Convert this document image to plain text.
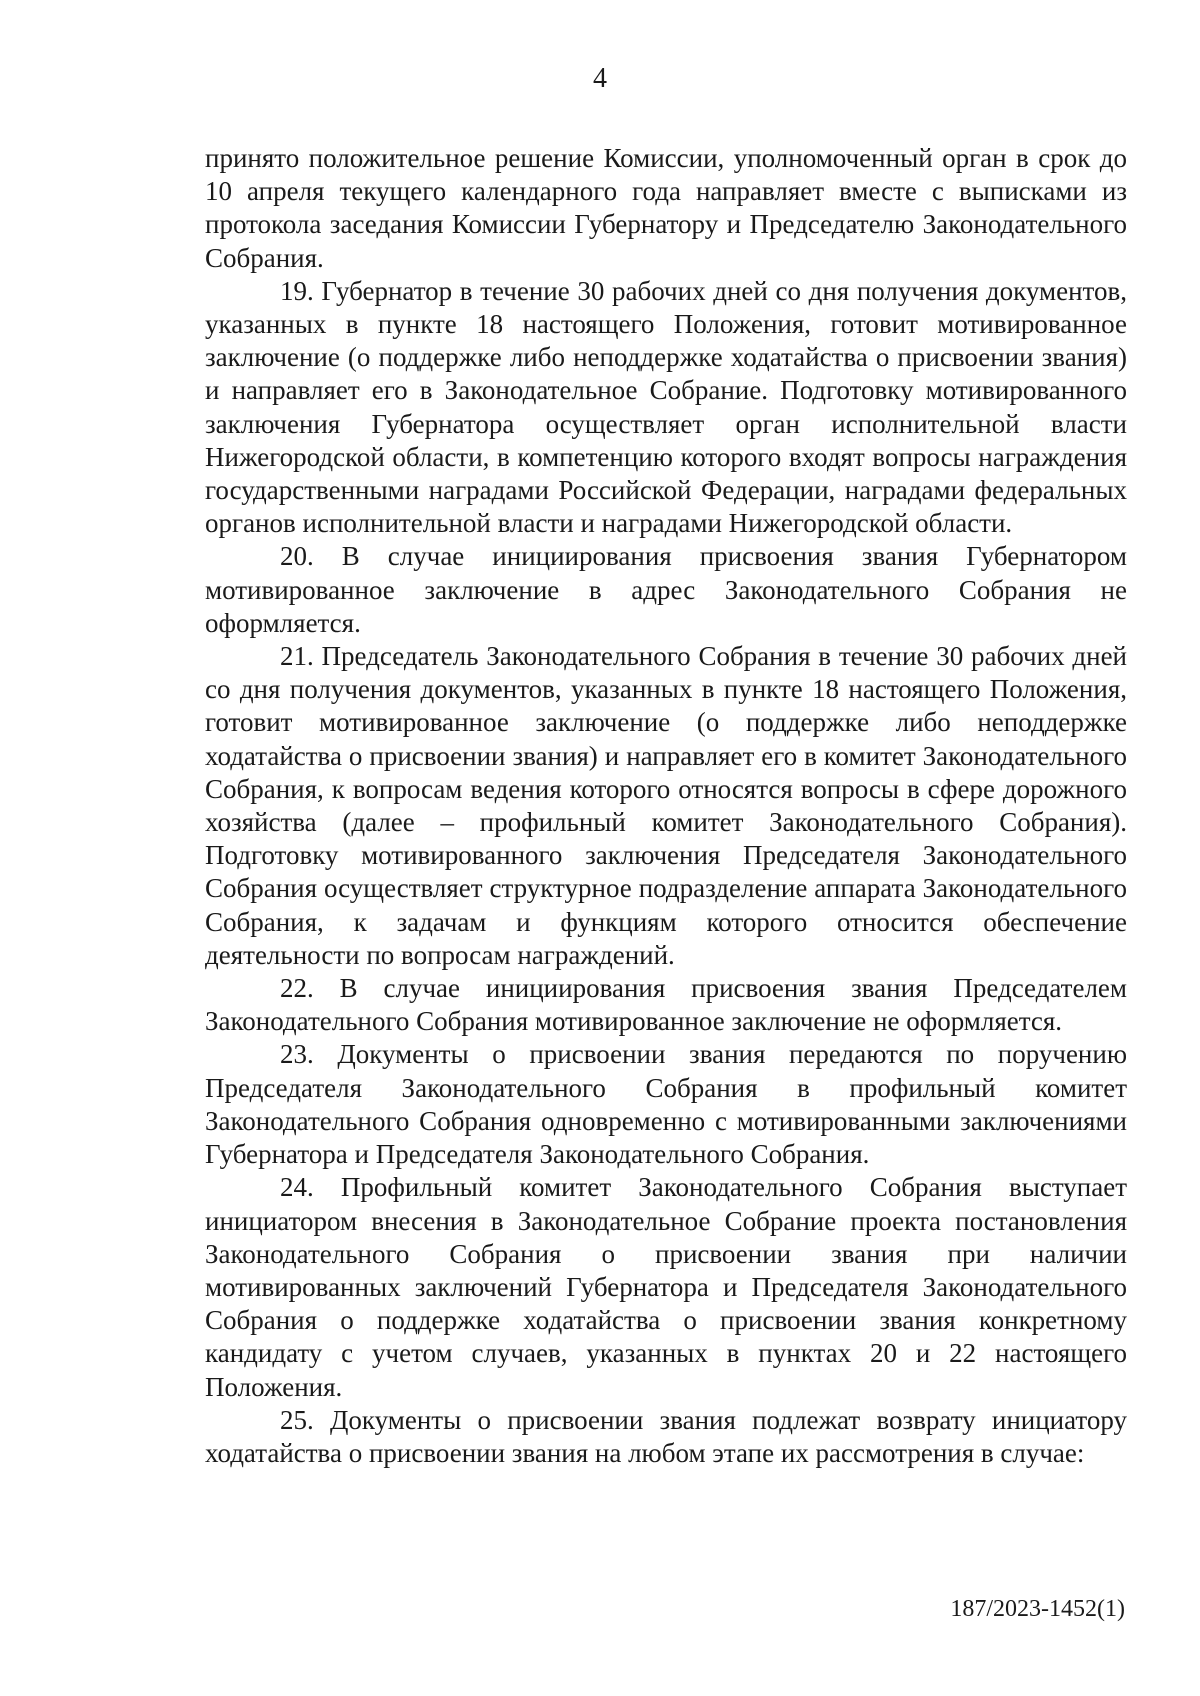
4

принято положительное решение Комиссии, уполномоченный орган в срок до 10 апреля текущего календарного года направляет вместе с выписками из протокола заседания Комиссии Губернатору и Председателю Законодательного Собрания.

19. Губернатор в течение 30 рабочих дней со дня получения документов, указанных в пункте 18 настоящего Положения, готовит мотивированное заключение (о поддержке либо неподдержке ходатайства о присвоении звания) и направляет его в Законодательное Собрание. Подготовку мотивированного заключения Губернатора осуществляет орган исполнительной власти Нижегородской области, в компетенцию которого входят вопросы награждения государственными наградами Российской Федерации, наградами федеральных органов исполнительной власти и наградами Нижегородской области.

20. В случае инициирования присвоения звания Губернатором мотивированное заключение в адрес Законодательного Собрания не оформляется.

21. Председатель Законодательного Собрания в течение 30 рабочих дней со дня получения документов, указанных в пункте 18 настоящего Положения, готовит мотивированное заключение (о поддержке либо неподдержке ходатайства о присвоении звания) и направляет его в комитет Законодательного Собрания, к вопросам ведения которого относятся вопросы в сфере дорожного хозяйства (далее – профильный комитет Законодательного Собрания). Подготовку мотивированного заключения Председателя Законодательного Собрания осуществляет структурное подразделение аппарата Законодательного Собрания, к задачам и функциям которого относится обеспечение деятельности по вопросам награждений.

22. В случае инициирования присвоения звания Председателем Законодательного Собрания мотивированное заключение не оформляется.

23. Документы о присвоении звания передаются по поручению Председателя Законодательного Собрания в профильный комитет Законодательного Собрания одновременно с мотивированными заключениями Губернатора и Председателя Законодательного Собрания.

24. Профильный комитет Законодательного Собрания выступает инициатором внесения в Законодательное Собрание проекта постановления Законодательного Собрания о присвоении звания при наличии мотивированных заключений Губернатора и Председателя Законодательного Собрания о поддержке ходатайства о присвоении звания конкретному кандидату с учетом случаев, указанных в пунктах 20 и 22 настоящего Положения.

25. Документы о присвоении звания подлежат возврату инициатору ходатайства о присвоении звания на любом этапе их рассмотрения в случае:

187/2023-1452(1)
